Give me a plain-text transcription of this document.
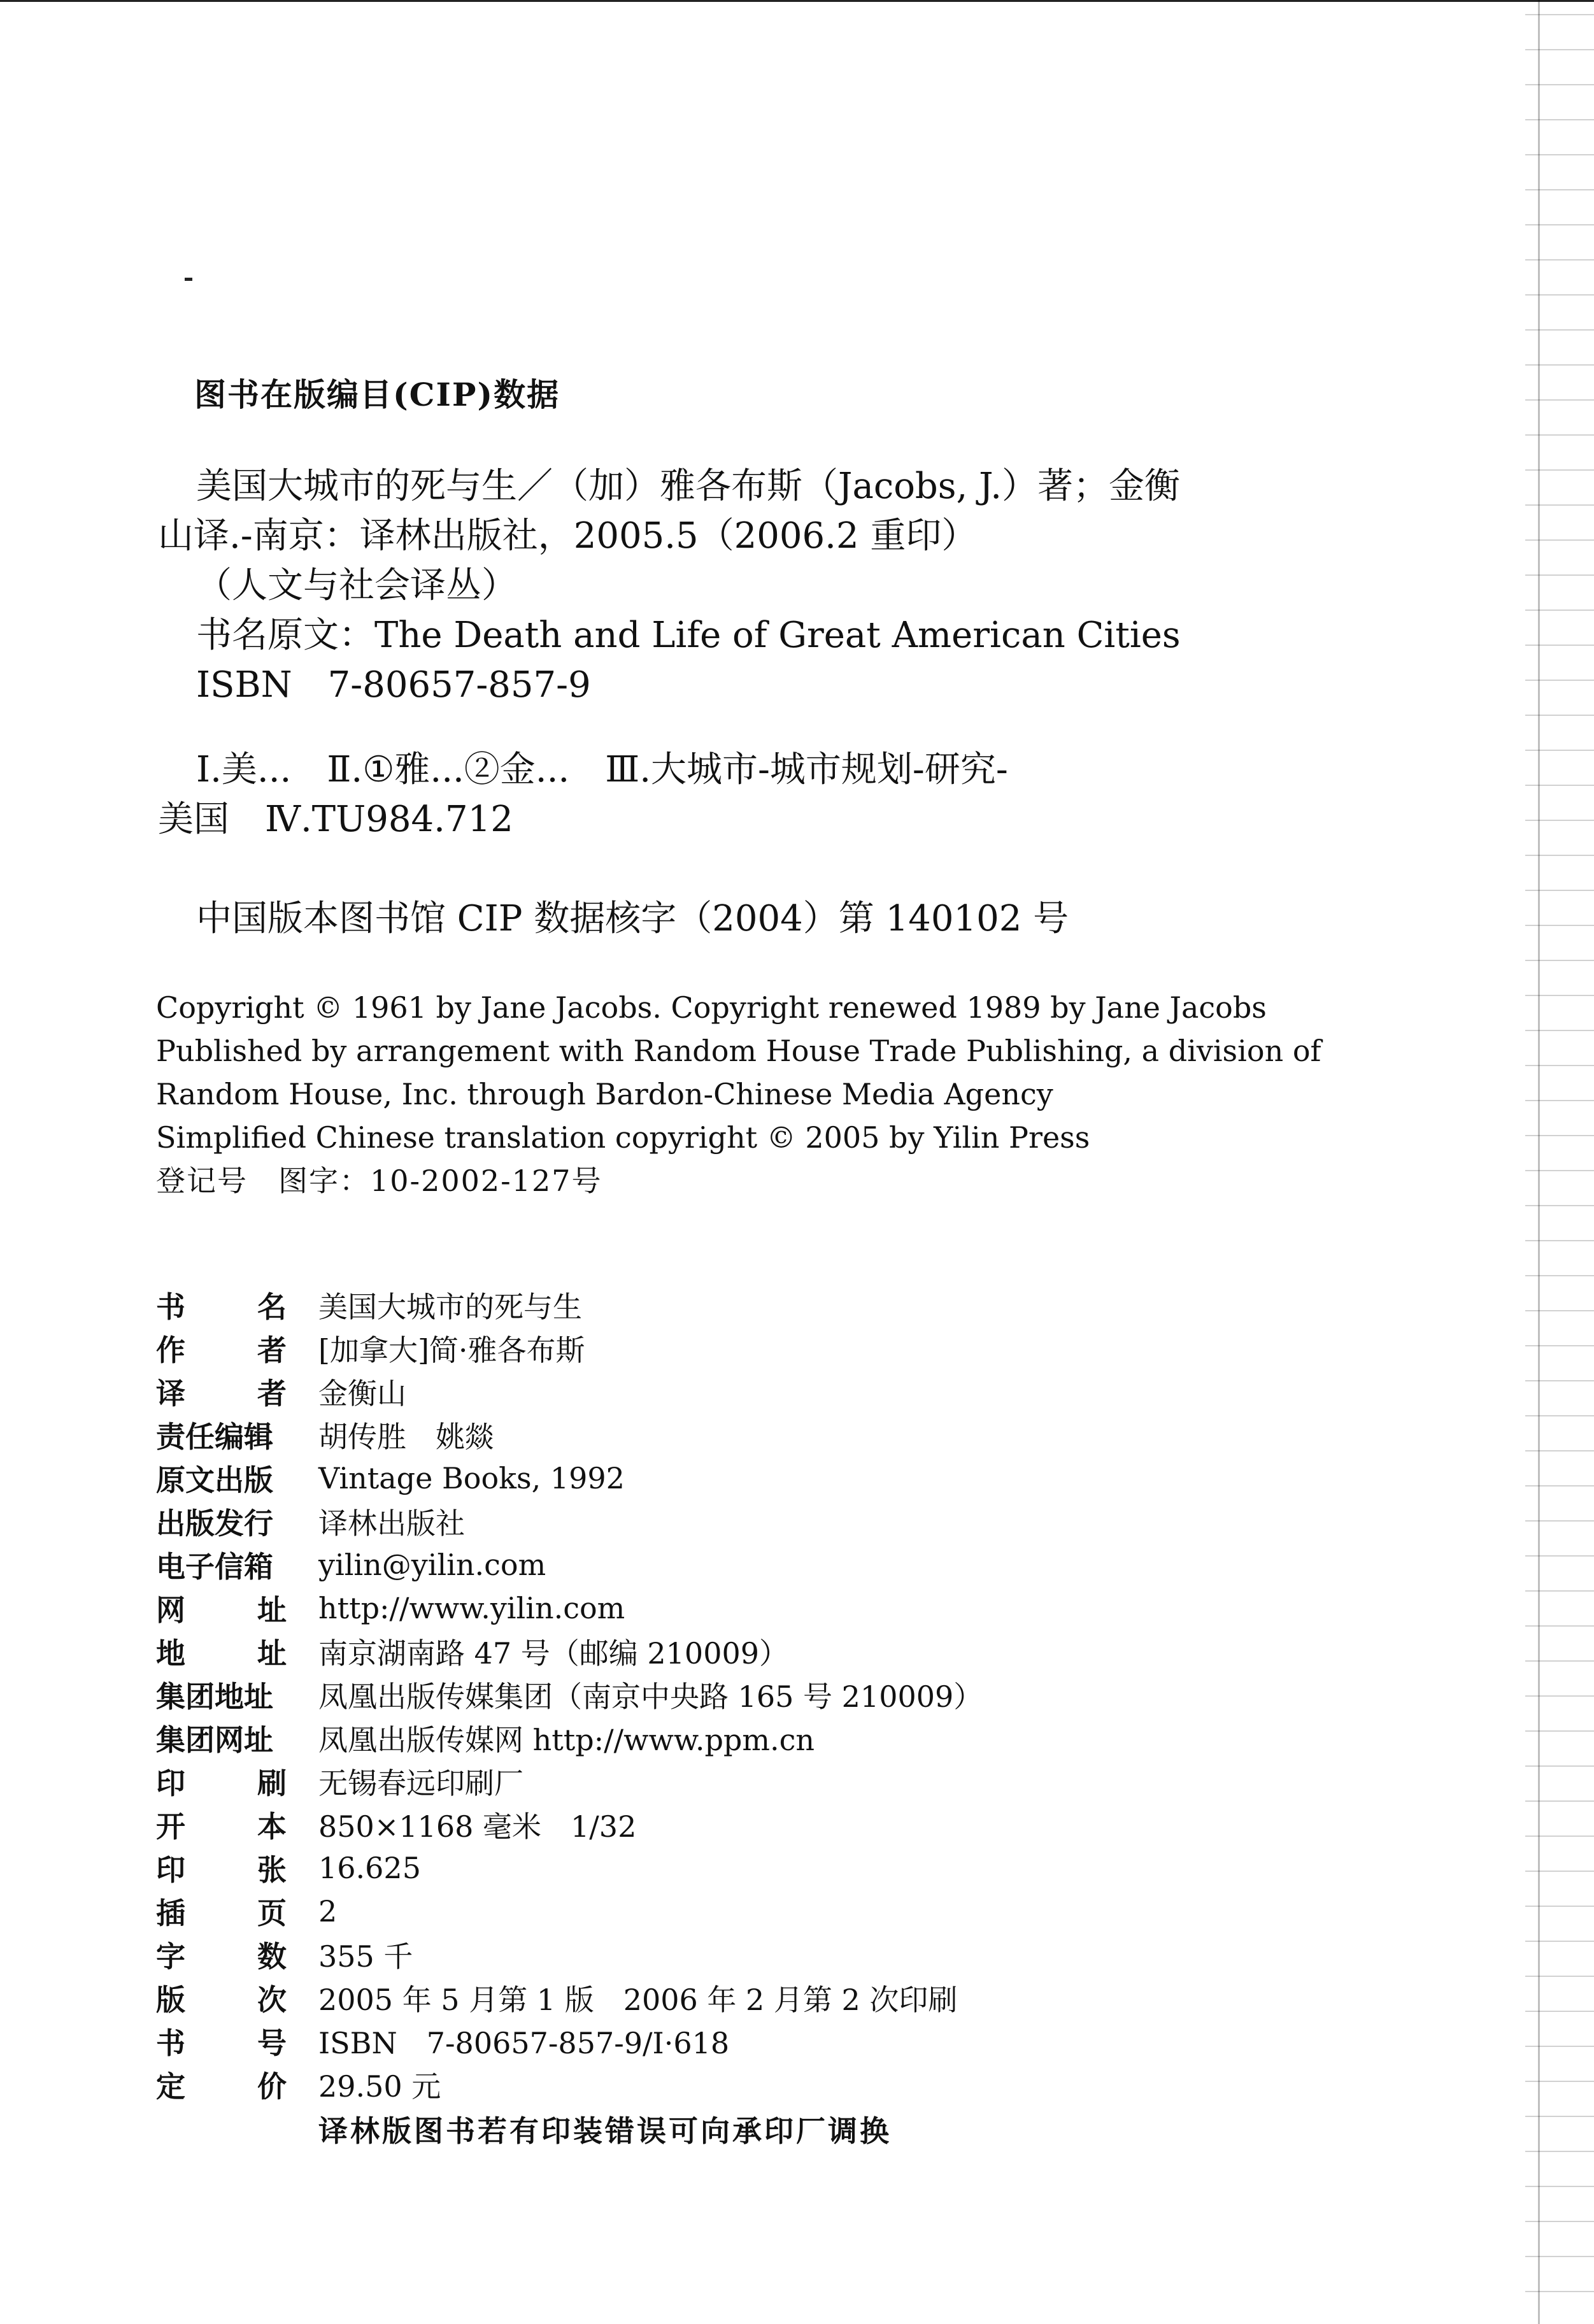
图书在版编目(CIP)数据
美国大城市的死与生／（加）雅各布斯（Jacobs, J.）著；金衡
山译.-南京：译林出版社，2005.5（2006.2 重印）
（人文与社会译丛）
书名原文：The Death and Life of Great American Cities
ISBN　7-80657-857-9
Ⅰ.美...　Ⅱ.①雅...②金...　Ⅲ.大城市-城市规划-研究-
美国　Ⅳ.TU984.712
中国版本图书馆 CIP 数据核字（2004）第 140102 号
Copyright © 1961 by Jane Jacobs. Copyright renewed 1989 by Jane Jacobs
Published by arrangement with Random House Trade Publishing, a division of
Random House, Inc. through Bardon-Chinese Media Agency
Simplified Chinese translation copyright © 2005 by Yilin Press
登记号　图字：10-2002-127号
书 名 美国大城市的死与生
作 者 [加拿大]简·雅各布斯
译 者 金衡山
责任编辑 胡传胜　姚燚
原文出版 Vintage Books, 1992
出版发行 译林出版社
电子信箱 yilin@yilin.com
网 址 http://www.yilin.com
地 址 南京湖南路 47 号（邮编 210009）
集团地址 凤凰出版传媒集团（南京中央路 165 号 210009）
集团网址 凤凰出版传媒网 http://www.ppm.cn
印 刷 无锡春远印刷厂
开 本 850×1168 毫米　1/32
印 张 16.625
插 页 2
字 数 355 千
版 次 2005 年 5 月第 1 版　2006 年 2 月第 2 次印刷
书 号 ISBN　7-80657-857-9/I·618
定 价 29.50 元
译林版图书若有印装错误可向承印厂调换
